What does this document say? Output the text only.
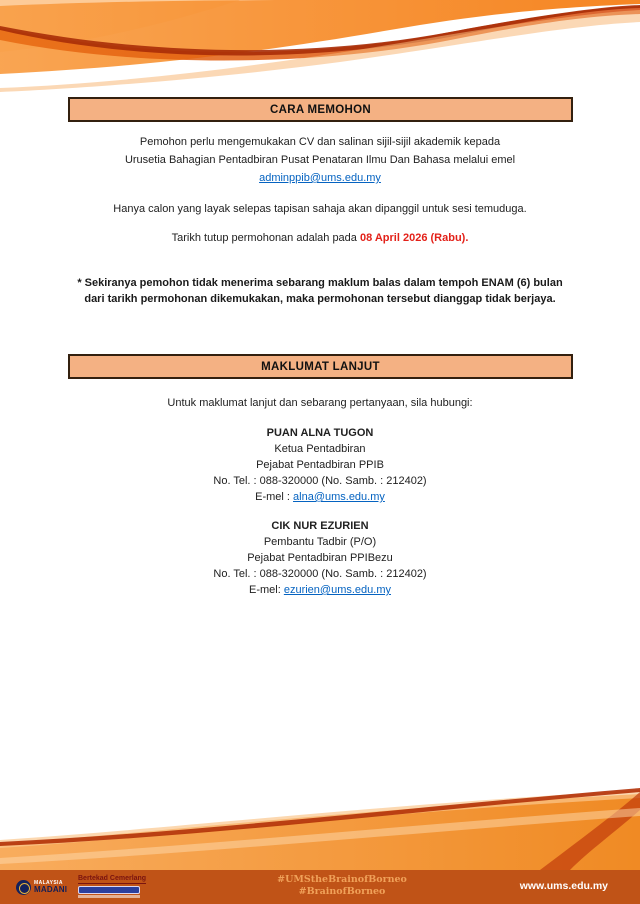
CARA MEMOHON
Pemohon perlu mengemukakan CV dan salinan sijil-sijil akademik kepada
Urusetia Bahagian Pentadbiran Pusat Penataran Ilmu Dan Bahasa melalui emel
adminppib@ums.edu.my
Hanya calon yang layak selepas tapisan sahaja akan dipanggil untuk sesi temuduga.
Tarikh tutup permohonan adalah pada 08 April 2026 (Rabu).
* Sekiranya pemohon tidak menerima sebarang maklum balas dalam tempoh ENAM (6) bulan dari tarikh permohonan dikemukakan, maka permohonan tersebut dianggap tidak berjaya.
MAKLUMAT LANJUT
Untuk maklumat lanjut dan sebarang pertanyaan, sila hubungi:
PUAN ALNA TUGON
Ketua Pentadbiran
Pejabat Pentadbiran PPIB
No. Tel. : 088-320000 (No. Samb. : 212402)
E-mel : alna@ums.edu.my
CIK NUR EZURIEN
Pembantu Tadbir (P/O)
Pejabat Pentadbiran PPIBezu
No. Tel. : 088-320000 (No. Samb. : 212402)
E-mel: ezurien@ums.edu.my
MALAYSIA
MADANI
Bertekad Cemerlang	#UMStheBrainofBorneo
#BrainofBorneo	www.ums.edu.my
